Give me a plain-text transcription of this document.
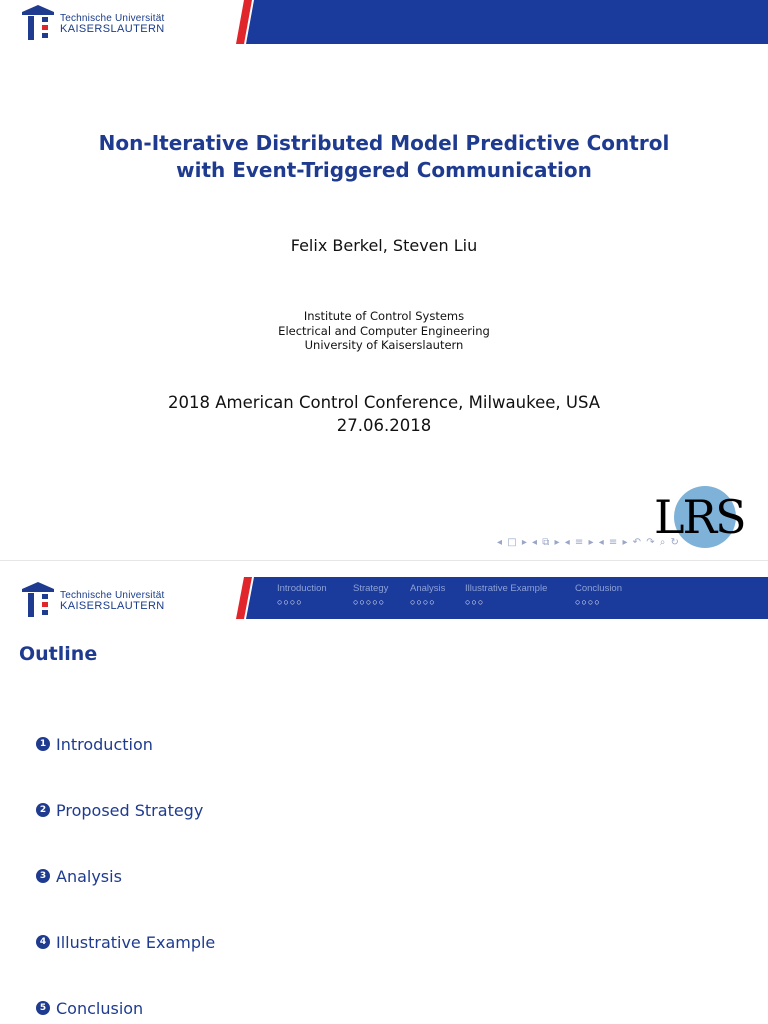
Technische Universität
KAISERSLAUTERN
Non-Iterative Distributed Model Predictive Control
with Event-Triggered Communication
Felix Berkel, Steven Liu
Institute of Control Systems
Electrical and Computer Engineering
University of Kaiserslautern
2018 American Control Conference, Milwaukee, USA
27.06.2018
LRS
◂ □ ▸ ◂ ⧉ ▸ ◂ ≡ ▸ ◂ ≡ ▸ ↶ ↷ ⌕ ↻
Technische Universität
KAISERSLAUTERN
Introduction
○○○○
Strategy
○○○○○
Analysis
○○○○
Illustrative Example
○○○
Conclusion
○○○○
Outline
1 Introduction
2 Proposed Strategy
3 Analysis
4 Illustrative Example
5 Conclusion
